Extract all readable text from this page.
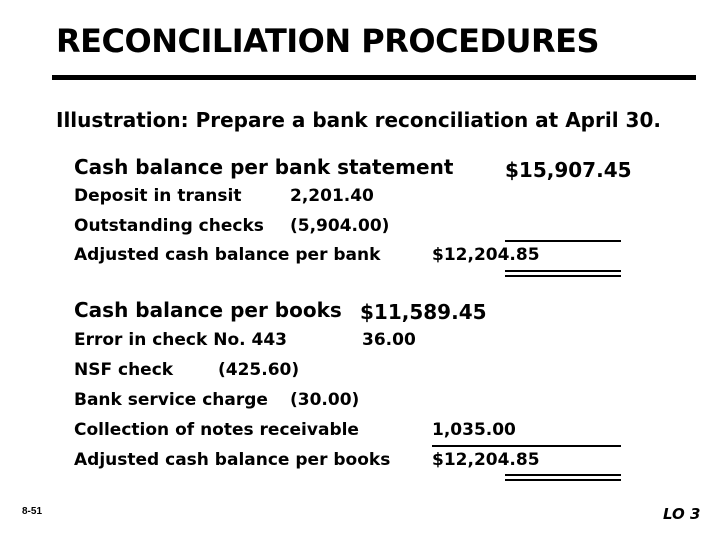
RECONCILIATION PROCEDURES
Illustration: Prepare a bank reconciliation at April 30.
Cash balance per bank statement	$15,907.45
Deposit in transit	2,201.40
Outstanding checks (5,904.00)
Adjusted cash balance per bank	$12,204.85
Cash balance per books $11,589.45
Error in check No. 443	36.00
NSF check	(425.60)
Bank service charge (30.00)
Collection of notes receivable	1,035.00
Adjusted cash balance per books $12,204.85
8-51	LO 3
